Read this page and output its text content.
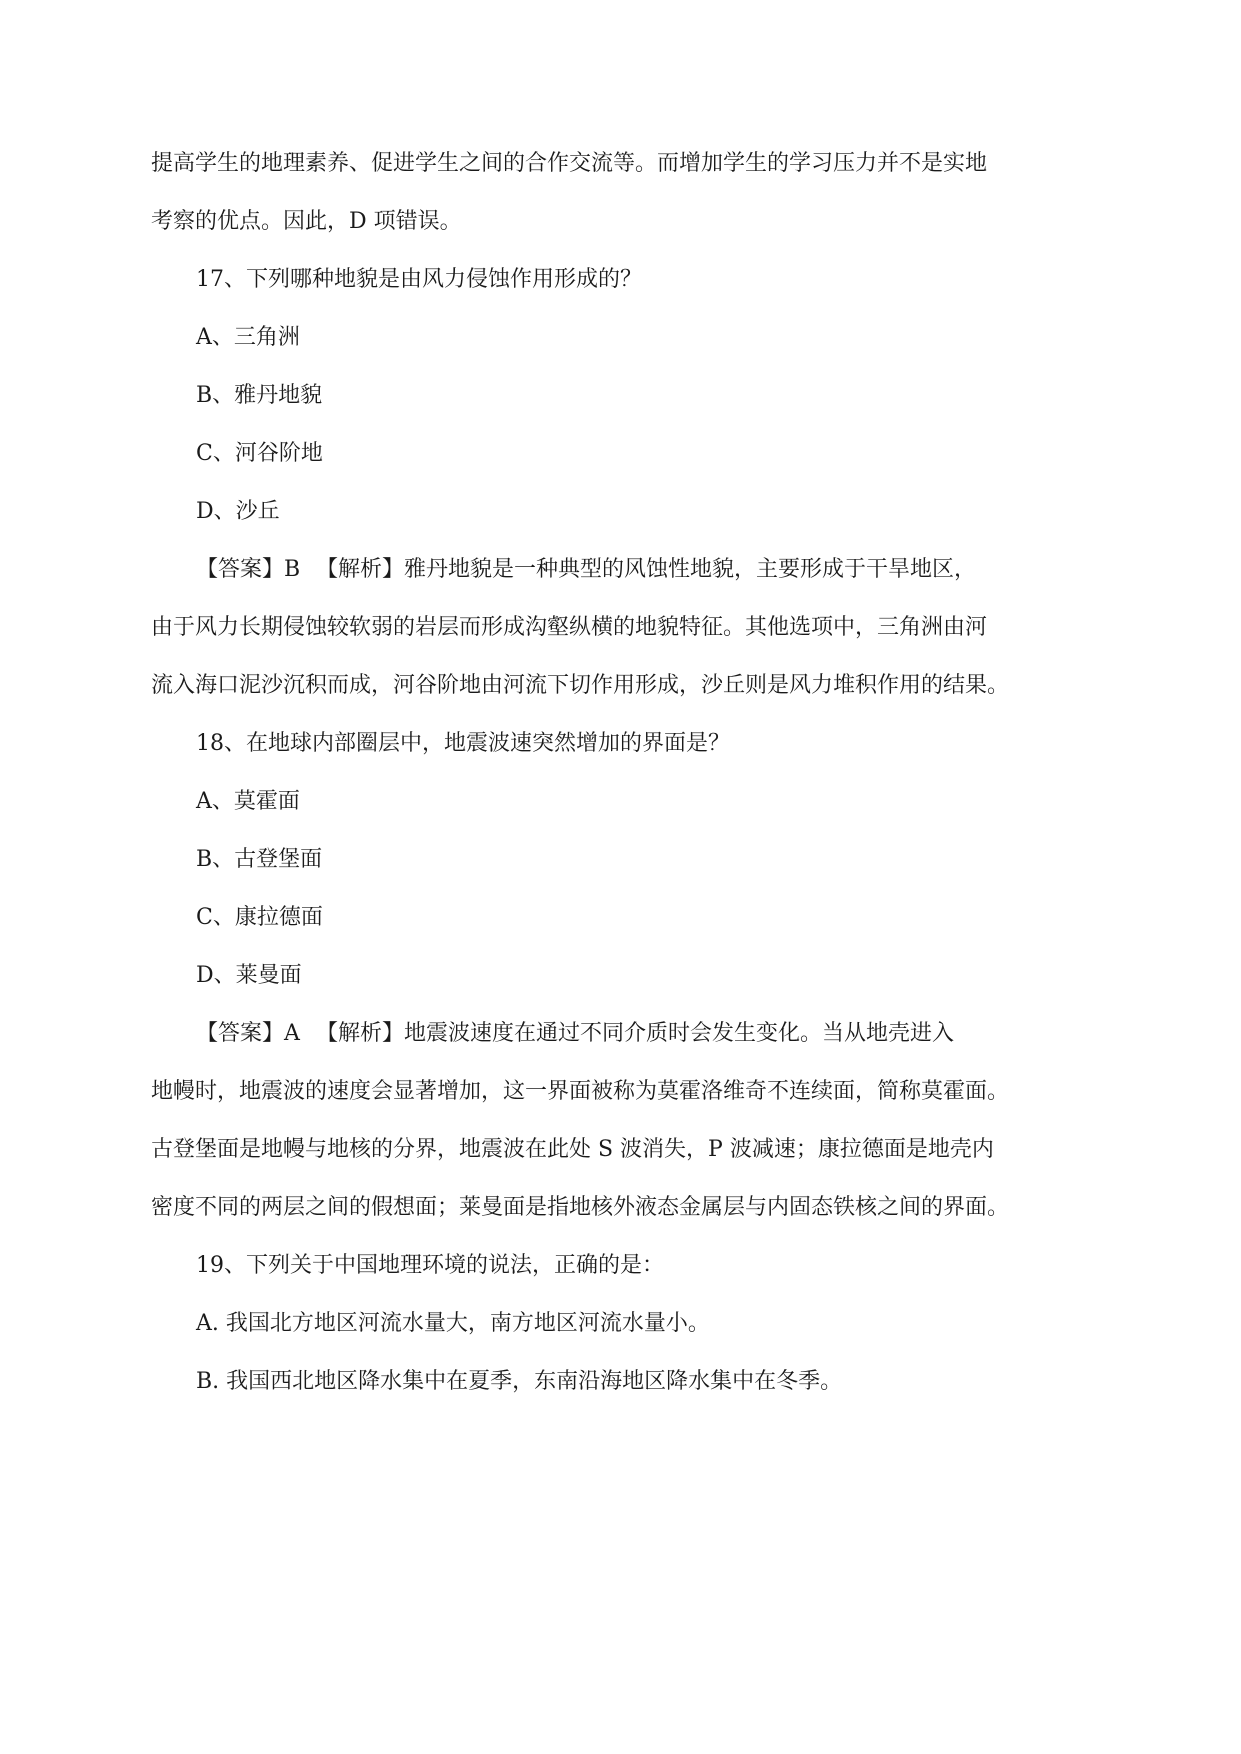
提高学生的地理素养、促进学生之间的合作交流等。而增加学生的学习压力并不是实地
考察的优点。因此，D 项错误。
17、下列哪种地貌是由风力侵蚀作用形成的？
A、三角洲
B、雅丹地貌
C、河谷阶地
D、沙丘
【答案】B 【解析】雅丹地貌是一种典型的风蚀性地貌，主要形成于干旱地区，
由于风力长期侵蚀较软弱的岩层而形成沟壑纵横的地貌特征。其他选项中，三角洲由河
流入海口泥沙沉积而成，河谷阶地由河流下切作用形成，沙丘则是风力堆积作用的结果。
18、在地球内部圈层中，地震波速突然增加的界面是？
A、莫霍面
B、古登堡面
C、康拉德面
D、莱曼面
【答案】A 【解析】地震波速度在通过不同介质时会发生变化。当从地壳进入
地幔时，地震波的速度会显著增加，这一界面被称为莫霍洛维奇不连续面，简称莫霍面。
古登堡面是地幔与地核的分界，地震波在此处 S 波消失，P 波减速；康拉德面是地壳内
密度不同的两层之间的假想面；莱曼面是指地核外液态金属层与内固态铁核之间的界面。
19、下列关于中国地理环境的说法，正确的是：
A. 我国北方地区河流水量大，南方地区河流水量小。
B. 我国西北地区降水集中在夏季，东南沿海地区降水集中在冬季。
